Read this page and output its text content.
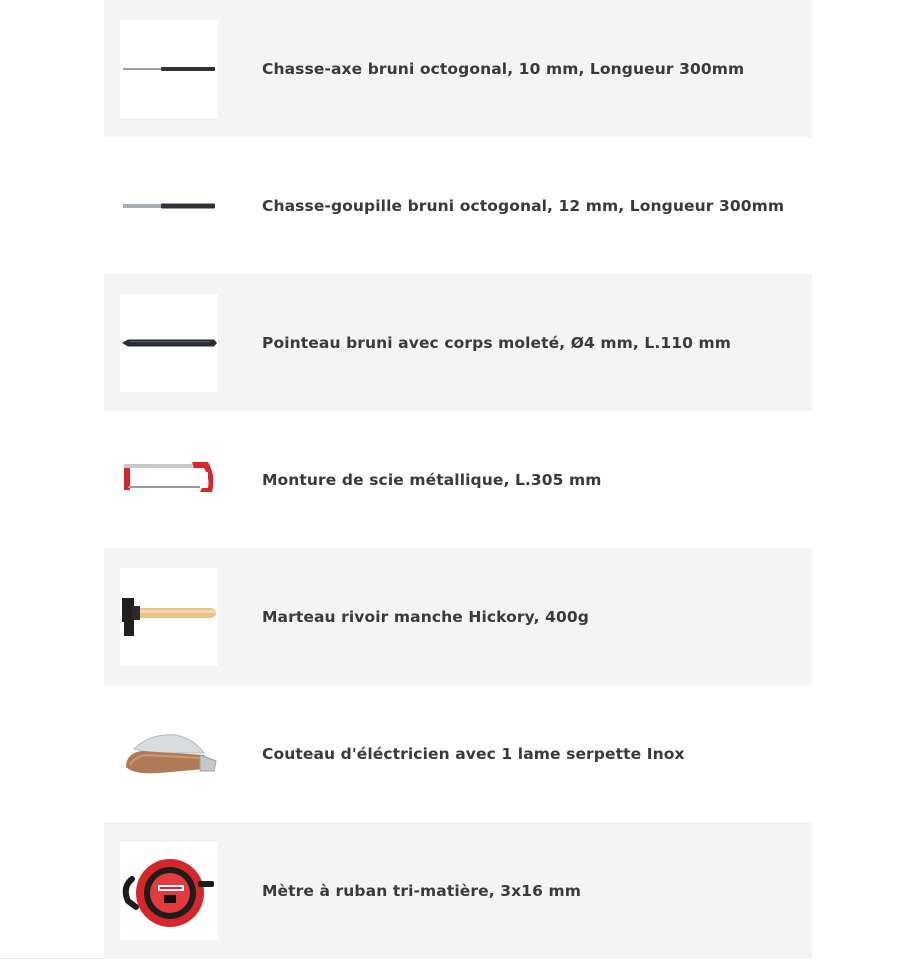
Chasse-axe bruni octogonal, 10 mm, Longueur 300mm
Chasse-goupille bruni octogonal, 12 mm, Longueur 300mm
Pointeau bruni avec corps moleté, Ø4 mm, L.110 mm
Monture de scie métallique, L.305 mm
Marteau rivoir manche Hickory, 400g
Couteau d'éléctricien avec 1 lame serpette Inox
Mètre à ruban tri-matière, 3x16 mm
